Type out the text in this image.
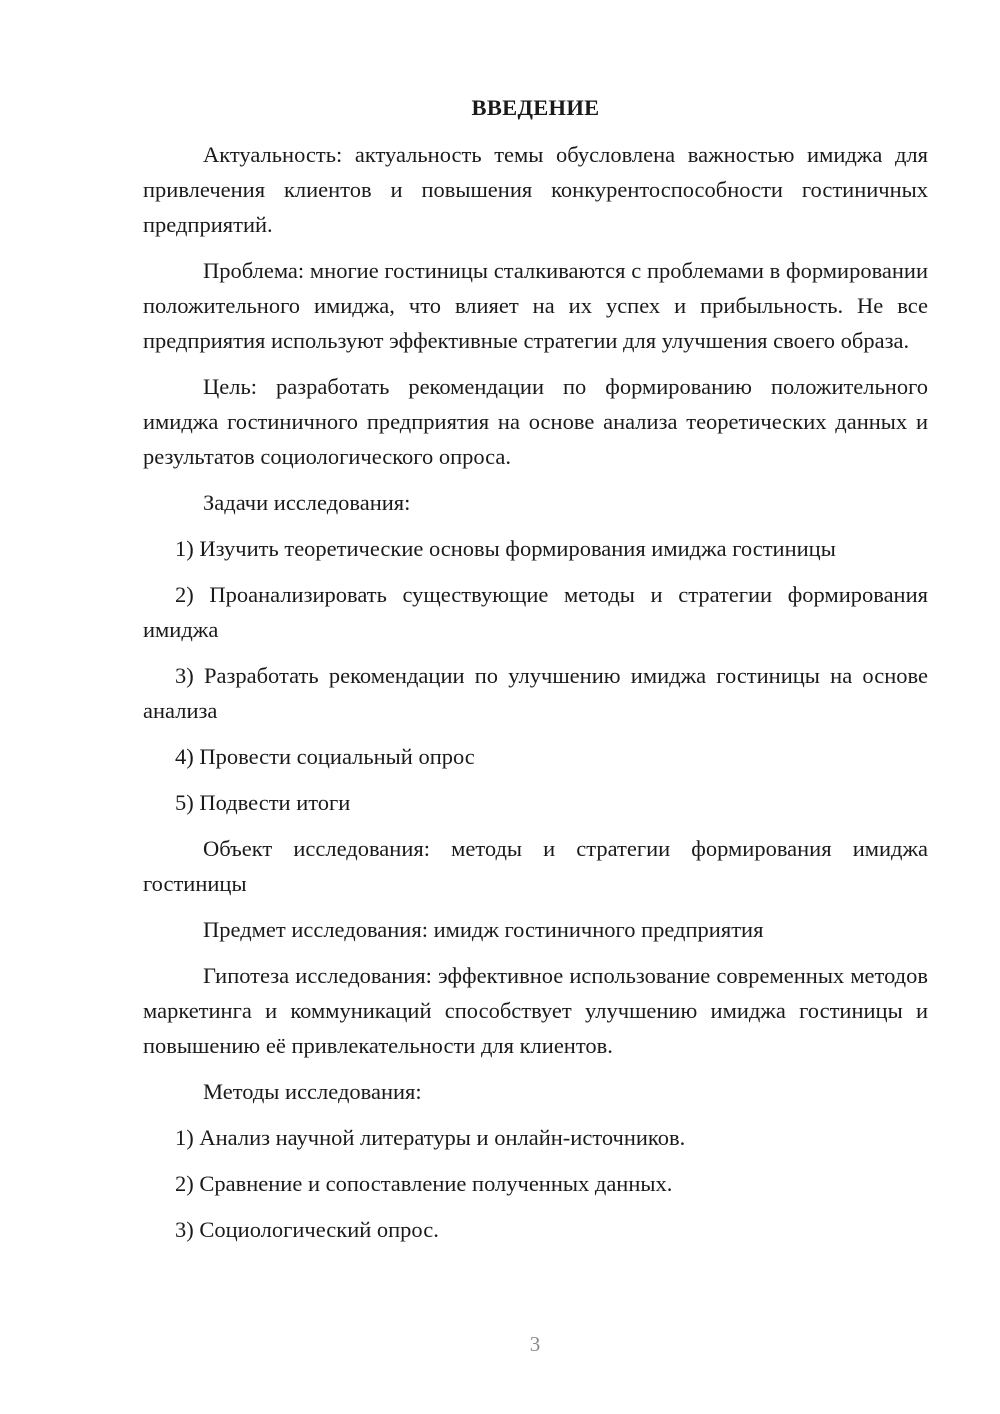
ВВЕДЕНИЕ

Актуальность: актуальность темы обусловлена важностью имиджа для привлечения клиентов и повышения конкурентоспособности гостиничных предприятий.

Проблема: многие гостиницы сталкиваются с проблемами в формировании положительного имиджа, что влияет на их успех и прибыльность. Не все предприятия используют эффективные стратегии для улучшения своего образа.

Цель: разработать рекомендации по формированию положительного имиджа гостиничного предприятия на основе анализа теоретических данных и результатов социологического опроса.

Задачи исследования:

1) Изучить теоретические основы формирования имиджа гостиницы

2) Проанализировать существующие методы и стратегии формирования имиджа

3) Разработать рекомендации по улучшению имиджа гостиницы на основе анализа

4) Провести социальный опрос

5) Подвести итоги

Объект исследования: методы и стратегии формирования имиджа гостиницы

Предмет исследования: имидж гостиничного предприятия

Гипотеза исследования: эффективное использование современных методов маркетинга и коммуникаций способствует улучшению имиджа гостиницы и повышению её привлекательности для клиентов.

Методы исследования:

1) Анализ научной литературы и онлайн-источников.

2) Сравнение и сопоставление полученных данных.

3) Социологический опрос.

3
